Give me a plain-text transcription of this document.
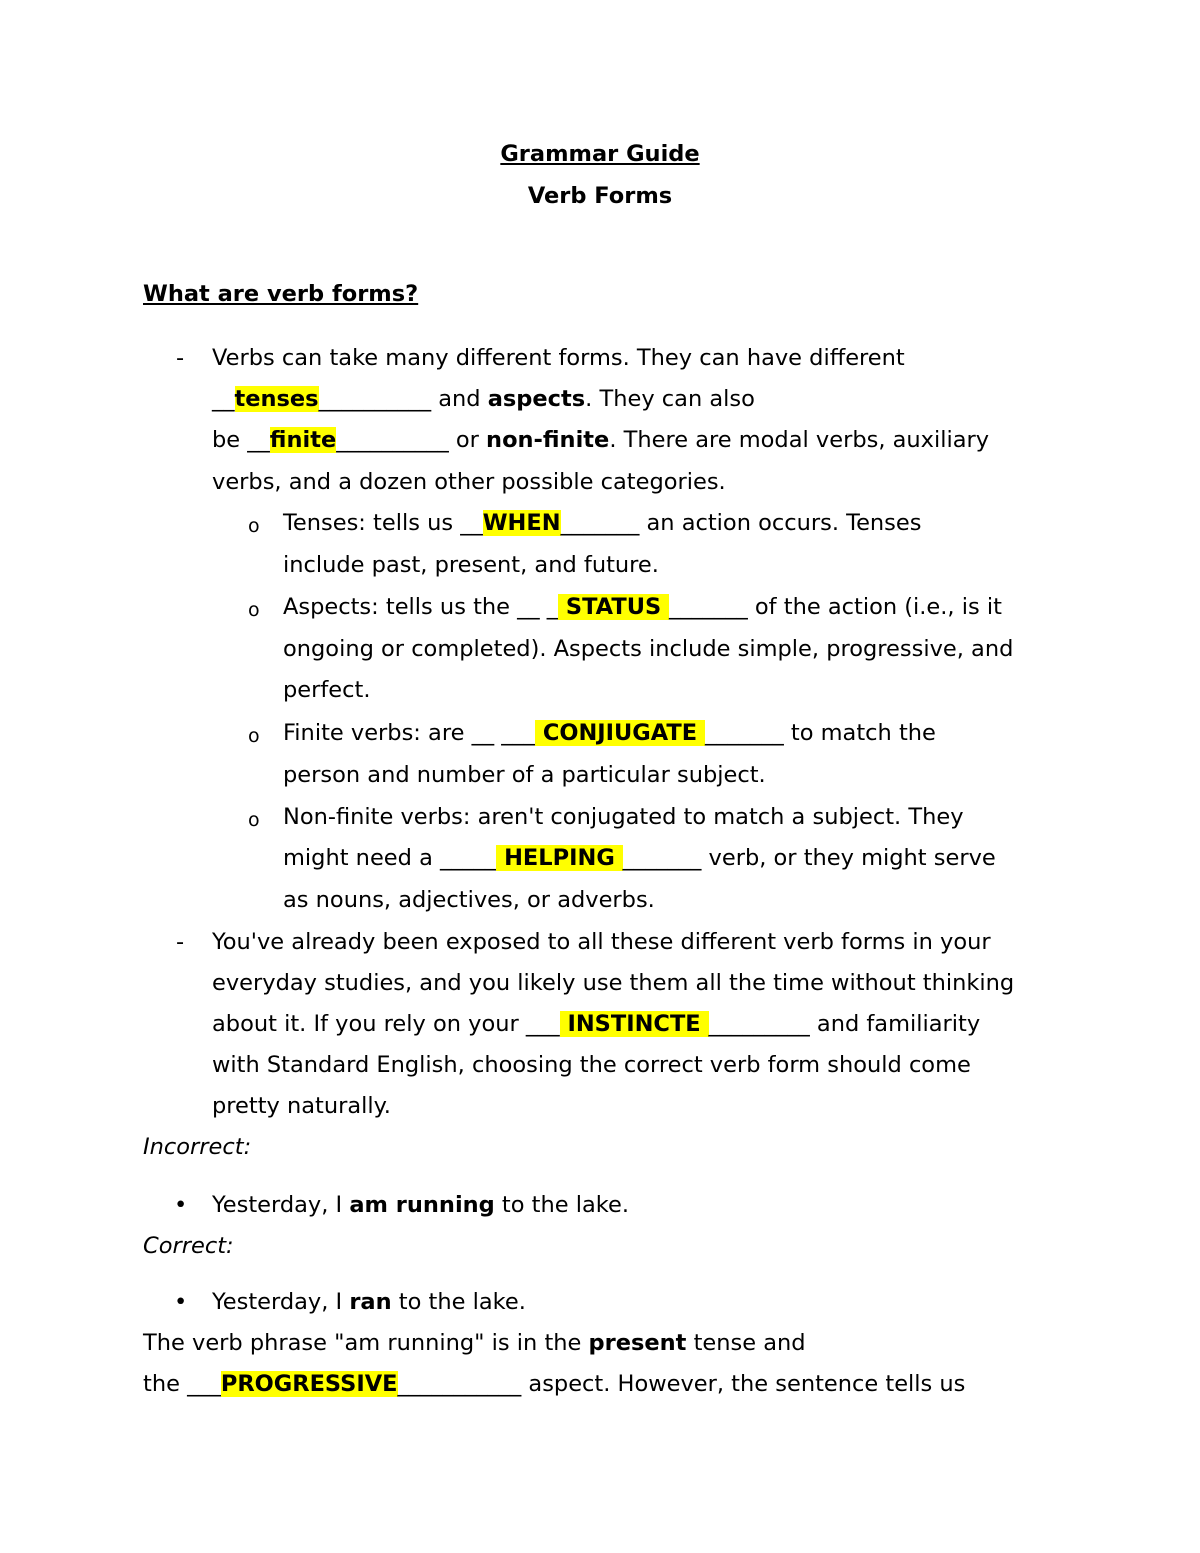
Grammar Guide
Verb Forms
What are verb forms?
- Verbs can take many different forms. They can have different
__tenses__________ and aspects. They can also
be __finite__________ or non-finite. There are modal verbs, auxiliary
verbs, and a dozen other possible categories.
o Tenses: tells us __WHEN_______ an action occurs. Tenses
include past, present, and future.
o Aspects: tells us the __ _ STATUS _______ of the action (i.e., is it
ongoing or completed). Aspects include simple, progressive, and
perfect.
o Finite verbs: are __ ___ CONJIUGATE _______ to match the
person and number of a particular subject.
o Non-finite verbs: aren't conjugated to match a subject. They
might need a _____ HELPING _______ verb, or they might serve
as nouns, adjectives, or adverbs.
- You've already been exposed to all these different verb forms in your
everyday studies, and you likely use them all the time without thinking
about it. If you rely on your ___ INSTINCTE _________ and familiarity
with Standard English, choosing the correct verb form should come
pretty naturally.
Incorrect:
• Yesterday, I am running to the lake.
Correct:
• Yesterday, I ran to the lake.
The verb phrase "am running" is in the present tense and
the ___PROGRESSIVE___________ aspect. However, the sentence tells us
